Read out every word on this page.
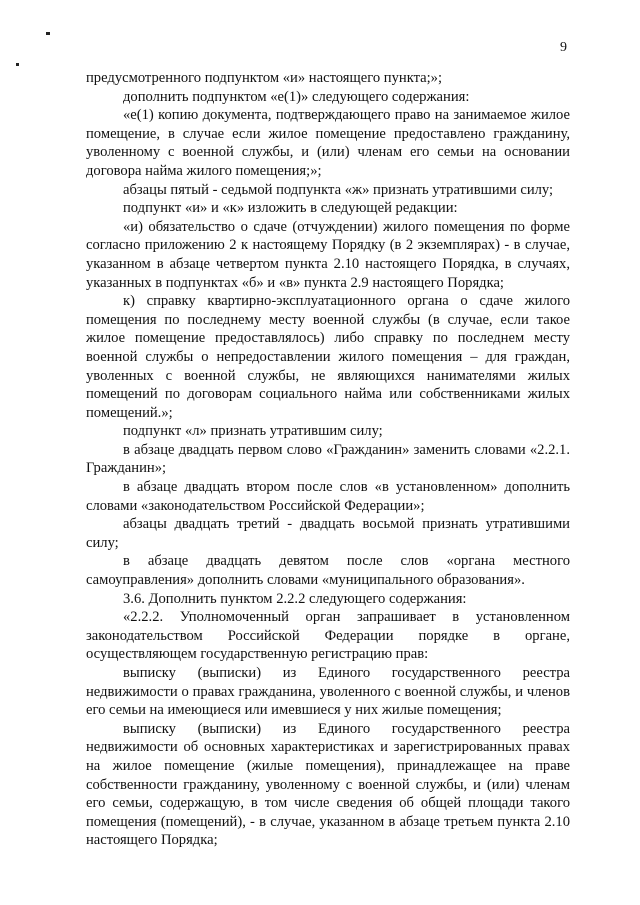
9

предусмотренного подпунктом «и» настоящего пункта;»;

дополнить подпунктом «е(1)» следующего содержания:

«е(1) копию документа, подтверждающего право на занимаемое жилое помещение, в случае если жилое помещение предоставлено гражданину, уволенному с военной службы, и (или) членам его семьи на основании договора найма жилого помещения;»;

абзацы пятый - седьмой подпункта «ж» признать утратившими силу;

подпункт «и» и «к» изложить в следующей редакции:

«и) обязательство о сдаче (отчуждении) жилого помещения по форме согласно приложению 2 к настоящему Порядку (в 2 экземплярах) - в случае, указанном в абзаце четвертом пункта 2.10 настоящего Порядка, в случаях, указанных в подпунктах «б» и «в» пункта 2.9 настоящего Порядка;

к) справку квартирно-эксплуатационного органа о сдаче жилого помещения по последнему месту военной службы (в случае, если такое жилое помещение предоставлялось) либо справку по последнем месту военной службы о непредоставлении жилого помещения – для граждан, уволенных с военной службы, не являющихся нанимателями жилых помещений по договорам социального найма или собственниками жилых помещений.»;

подпункт «л» признать утратившим силу;

в абзаце двадцать первом слово «Гражданин» заменить словами «2.2.1. Гражданин»;

в абзаце двадцать втором после слов «в установленном» дополнить словами «законодательством Российской Федерации»;

абзацы двадцать третий - двадцать восьмой признать утратившими силу;

в абзаце двадцать девятом после слов «органа местного самоуправления» дополнить словами «муниципального образования».

3.6. Дополнить пунктом 2.2.2 следующего содержания:

«2.2.2. Уполномоченный орган запрашивает в установленном законодательством Российской Федерации порядке в органе, осуществляющем государственную регистрацию прав:

выписку (выписки) из Единого государственного реестра недвижимости о правах гражданина, уволенного с военной службы, и членов его семьи на имеющиеся или имевшиеся у них жилые помещения;

выписку (выписки) из Единого государственного реестра недвижимости об основных характеристиках и зарегистрированных правах на жилое помещение (жилые помещения), принадлежащее на праве собственности гражданину, уволенному с военной службы, и (или) членам его семьи, содержащую, в том числе сведения об общей площади такого помещения (помещений), - в случае, указанном в абзаце третьем пункта 2.10 настоящего Порядка;
